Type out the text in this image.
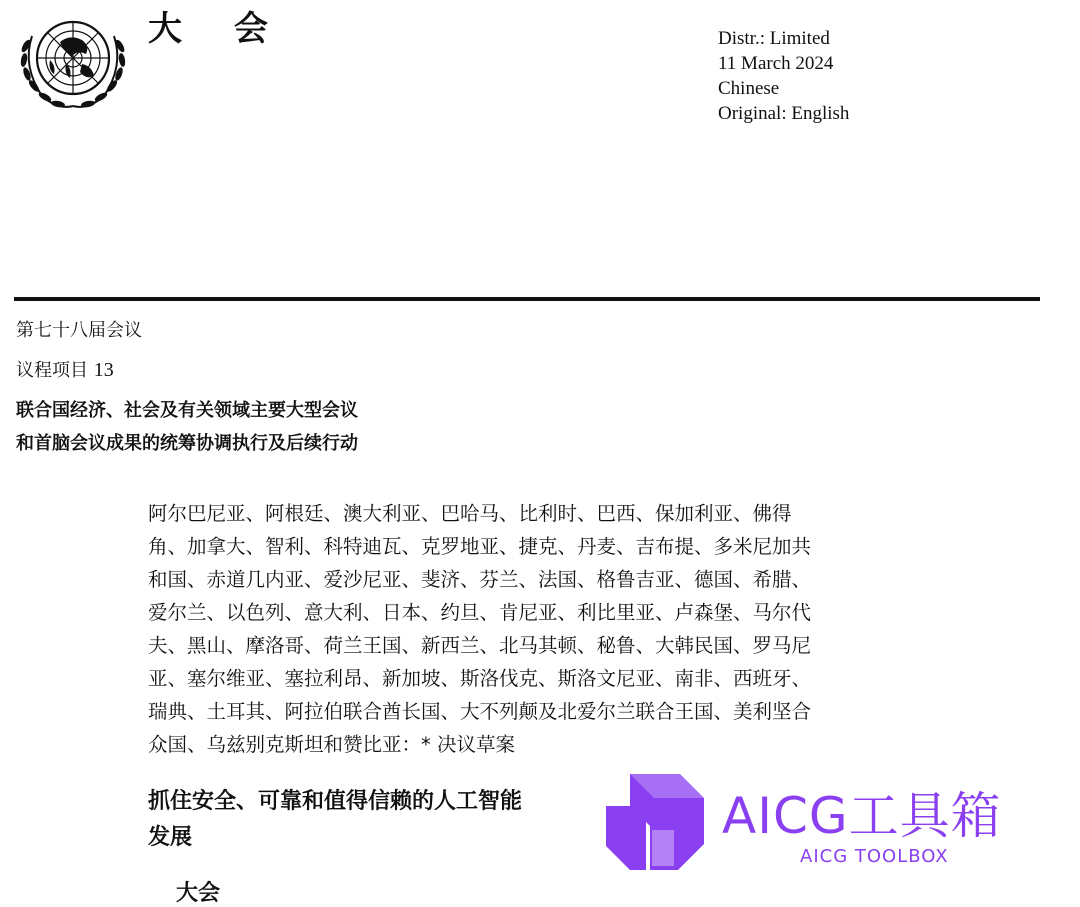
大 会	Distr.: Limited
11 March 2024
Chinese
Original: English
第七十八届会议
议程项目 13
联合国经济、社会及有关领域主要大型会议
和首脑会议成果的统筹协调执行及后续行动
阿尔巴尼亚、阿根廷、澳大利亚、巴哈马、比利时、巴西、保加利亚、佛得
角、加拿大、智利、科特迪瓦、克罗地亚、捷克、丹麦、吉布提、多米尼加共
和国、赤道几内亚、爱沙尼亚、斐济、芬兰、法国、格鲁吉亚、德国、希腊、
爱尔兰、以色列、意大利、日本、约旦、肯尼亚、利比里亚、卢森堡、马尔代
夫、黑山、摩洛哥、荷兰王国、新西兰、北马其顿、秘鲁、大韩民国、罗马尼
亚、塞尔维亚、塞拉利昂、新加坡、斯洛伐克、斯洛文尼亚、南非、西班牙、
瑞典、土耳其、阿拉伯联合酋长国、大不列颠及北爱尔兰联合王国、美利坚合
众国、乌兹别克斯坦和赞比亚：* 决议草案
抓住安全、可靠和值得信赖的人工智能
发展
大会
AICG工具箱
AICG TOOLBOX
